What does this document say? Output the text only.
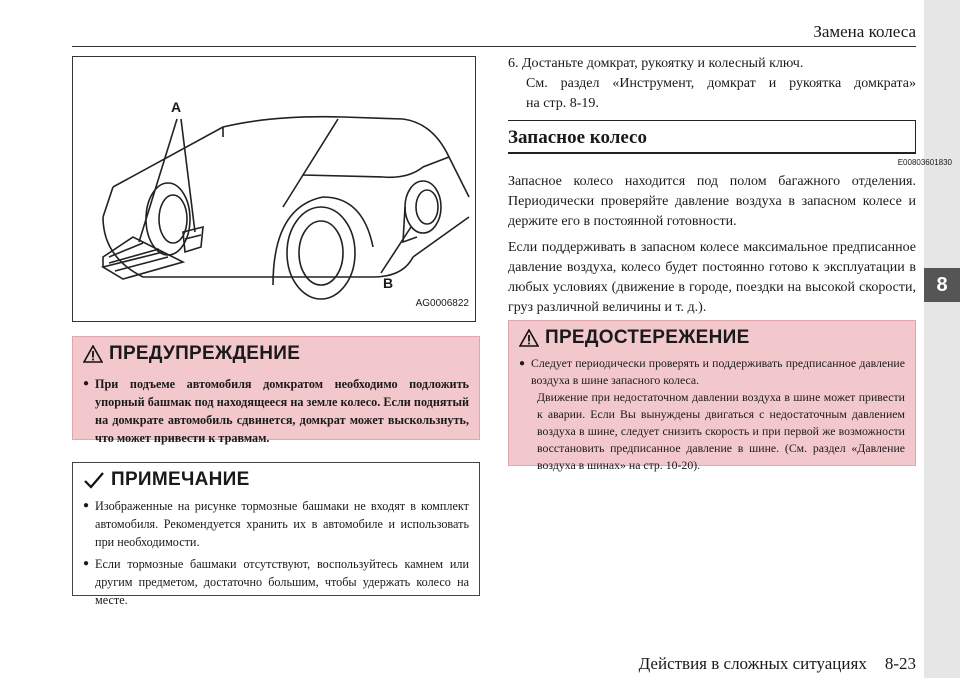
Замена колеса
8
A
B
AG0006822
ПРЕДУПРЕЖДЕНИЕ
● При подъеме автомобиля домкратом необходимо подложить упорный башмак под находящееся на земле колесо. Если поднятый на домкрате автомобиль сдвинется, домкрат может выскользнуть, что может привести к травмам.
ПРИМЕЧАНИЕ
● Изображенные на рисунке тормозные башмаки не входят в комплект автомобиля. Рекомендуется хранить их в автомобиле и использовать при необходимости.
● Если тормозные башмаки отсутствуют, воспользуйтесь камнем или другим предметом, достаточно большим, чтобы удержать колесо на месте.
6. Достаньте домкрат, рукоятку и колесный ключ.
См. раздел «Инструмент, домкрат и рукоятка домкрата»
на стр. 8-19.
Запасное колесо
E00803601830
Запасное колесо находится под полом багажного отделения. Периодически проверяйте давление воздуха в запасном колесе и держите его в постоянной готовности.
Если поддерживать в запасном колесе максимальное предписанное давление воздуха, колесо будет постоянно готово к эксплуатации в любых условиях (движение в городе, поездки на высокой скорости, груз различной величины и т. д.).
ПРЕДОСТЕРЕЖЕНИЕ
● Следует периодически проверять и поддерживать предписанное давление воздуха в шине запасного колеса.
Движение при недостаточном давлении воздуха в шине может привести к аварии. Если Вы вынуждены двигаться с недостаточным давлением воздуха в шине, следует снизить скорость и при первой же возможности восстановить предписанное давление в шине. (См. раздел «Давление воздуха в шинах» на стр. 10-20).
Действия в сложных ситуациях 8-23
